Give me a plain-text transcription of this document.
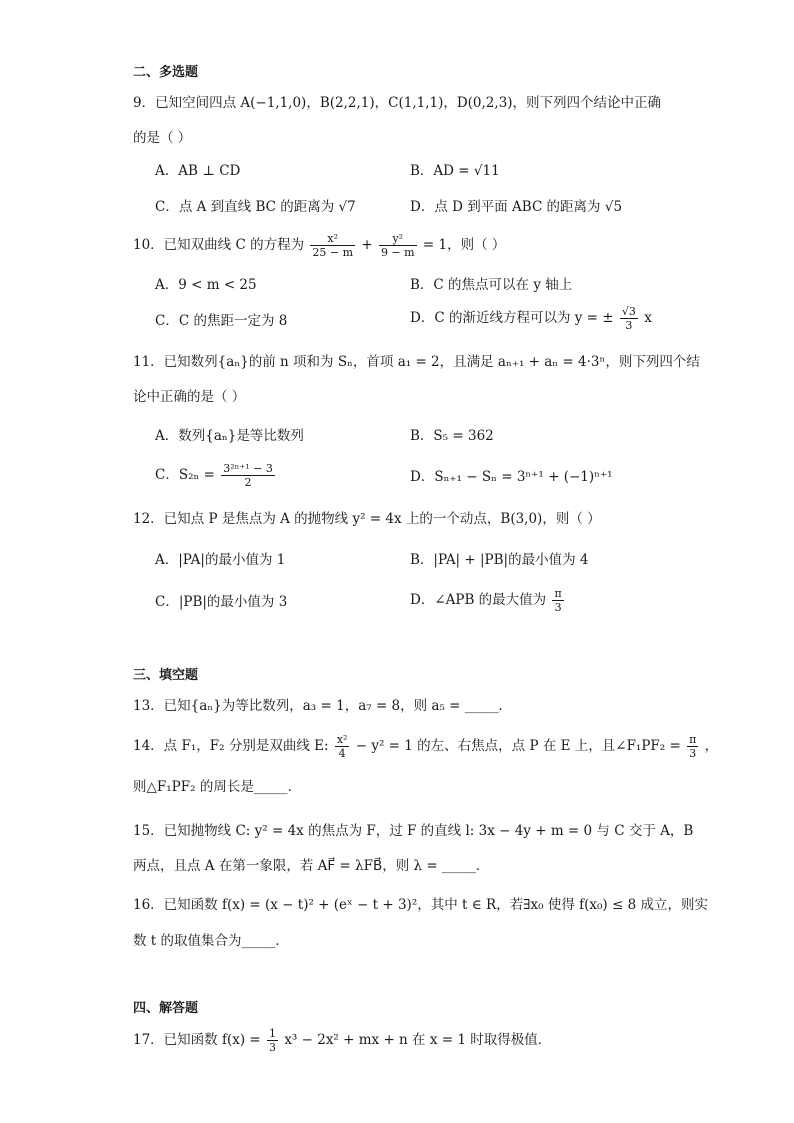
二、多选题
9．已知空间四点 A(−1,1,0)，B(2,2,1)，C(1,1,1)，D(0,2,3)，则下列四个结论中正确
的是（ ）
A．AB ⊥ CD	B．AD = √11
C．点 A 到直线 BC 的距离为 √7	D．点 D 到平面 ABC 的距离为 √5
10．已知双曲线 C 的方程为 $\frac{\text{x²}}{25 - m} + \frac{\text{y²}}{9 - m} = 1$，则（ ）
A．9 < m < 25	B．C 的焦点可以在 y 轴上
C．C 的焦距一定为 8	D．C 的渐近线方程可以为 y = ± $\frac{√3}{3}$ x
11．已知数列{aₙ}的前 n 项和为 Sₙ，首项 a₁ = 2，且满足 aₙ₊₁ + aₙ = 4·3ⁿ，则下列四个结
论中正确的是（ ）
A．数列{aₙ}是等比数列	B．S₅ = 362
C．$S_{2n} = \frac{\text{3²ⁿ⁺¹ − 3}}{2}$	D．Sₙ₊₁ − Sₙ = 3ⁿ⁺¹ + (−1)ⁿ⁺¹
12．已知点 P 是焦点为 A 的抛物线 y² = 4x 上的一个动点，B(3,0)，则（ ）
A．|PA|的最小值为 1	B．|PA| + |PB|的最小值为 4
C．|PB|的最小值为 3	D．∠APB 的最大值为 $\frac{\pi}{3}$
三、填空题
13．已知{aₙ}为等比数列，a₃ = 1，a₇ = 8，则 a₅ = _____．
14．点 F₁，F₂ 分别是双曲线 E: $\frac{\text{x²}}{4} - y^2 = 1$ 的左、右焦点，点 P 在 E 上，且∠F₁PF₂ = $\frac{\pi}{3}$ ，
则△F₁PF₂ 的周长是_____．
15．已知抛物线 C: y² = 4x 的焦点为 F，过 F 的直线 l: 3x − 4y + m = 0 与 C 交于 A，B
两点，且点 A 在第一象限，若 AF⃗ = λFB⃗，则 λ = _____．
16．已知函数 f(x) = (x − t)² + (eˣ − t + 3)²，其中 t ∈ R，若∃x₀ 使得 f(x₀) ≤ 8 成立，则实
数 t 的取值集合为_____．
四、解答题
17．已知函数 $f(x) = \frac{1}{3} x^3 - 2x^2$ + mx + n 在 x = 1 时取得极值．
